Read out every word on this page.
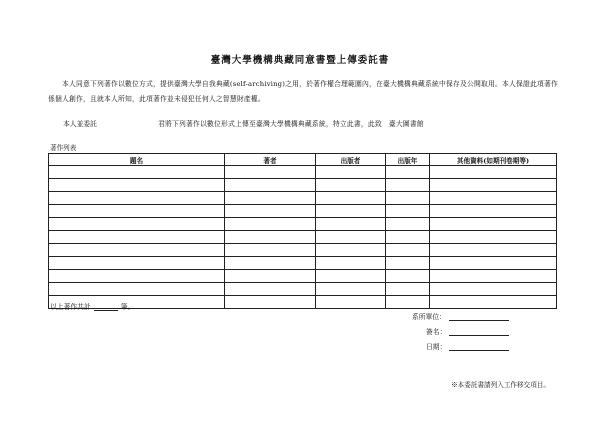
臺灣大學機構典藏同意書暨上傳委託書
本人同意下列著作以數位方式，提供臺灣大學自我典藏(self-archiving)之用，於著作權合理範圍內，在臺大機構典藏系統中保存及公開取用。本人保證此項著作係個人創作，且就本人所知，此項著作並未侵犯任何人之智慧財產權。
本人並委託	君將下列著作以數位形式上傳至臺灣大學機構典藏系統，特立此書，此致　臺大圖書館
著作列表
題名	著者	出版者	出版年	其他資料(如期刊卷期等)

以上著作共計	筆。
系所單位：
簽名：
日期：
※本委託書請列入工作移交項目。
